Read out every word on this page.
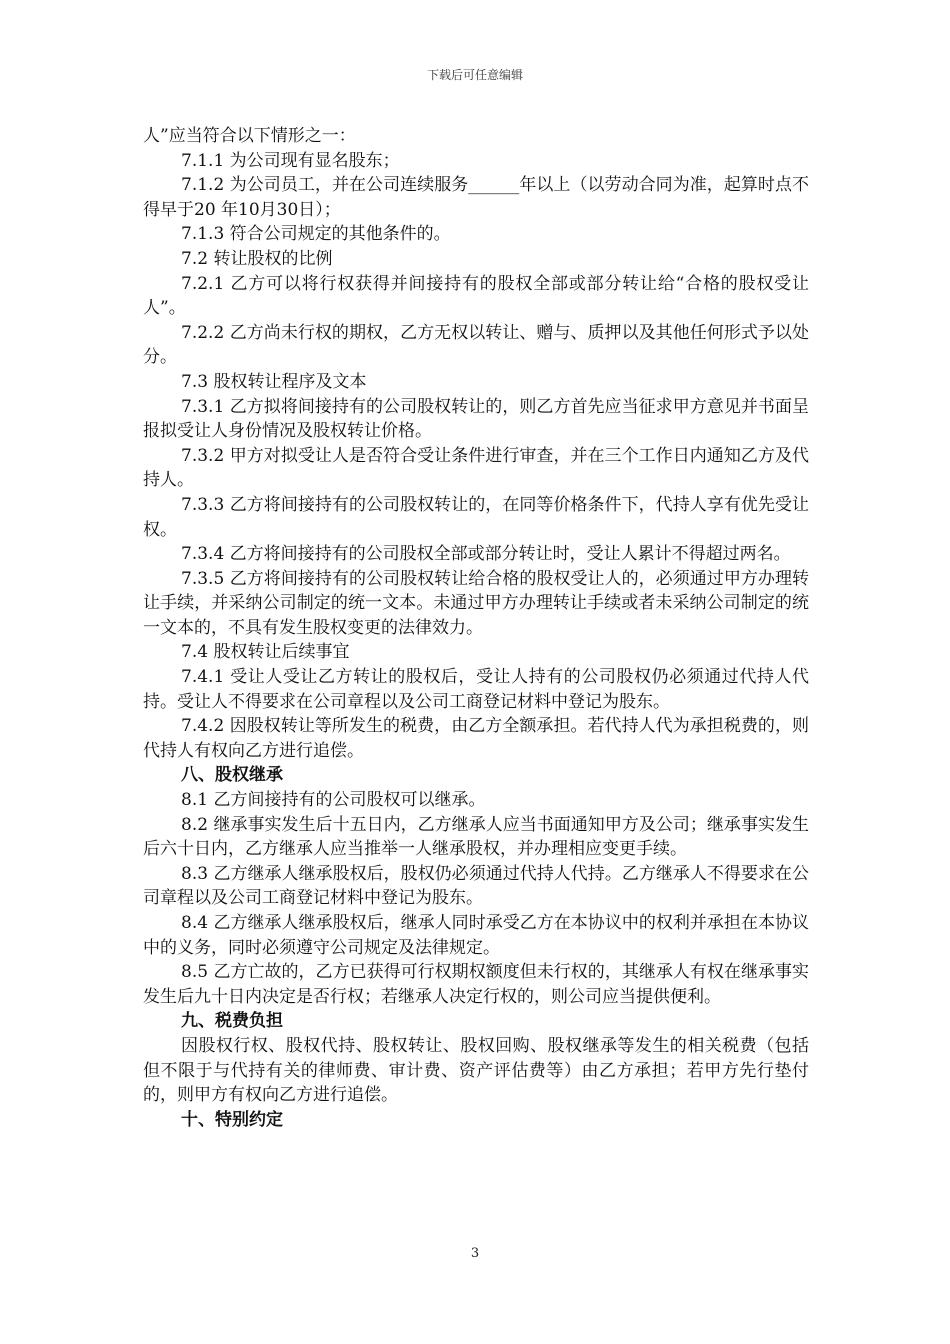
下载后可任意编辑

人”应当符合以下情形之一：

7.1.1 为公司现有显名股东；

7.1.2 为公司员工，并在公司连续服务______年以上（以劳动合同为准，起算时点不得早于20 年10月30日）；

7.1.3 符合公司规定的其他条件的。

7.2 转让股权的比例

7.2.1 乙方可以将行权获得并间接持有的股权全部或部分转让给“合格的股权受让人”。

7.2.2 乙方尚未行权的期权，乙方无权以转让、赠与、质押以及其他任何形式予以处分。

7.3 股权转让程序及文本

7.3.1 乙方拟将间接持有的公司股权转让的，则乙方首先应当征求甲方意见并书面呈报拟受让人身份情况及股权转让价格。

7.3.2 甲方对拟受让人是否符合受让条件进行审查，并在三个工作日内通知乙方及代持人。

7.3.3 乙方将间接持有的公司股权转让的，在同等价格条件下，代持人享有优先受让权。

7.3.4 乙方将间接持有的公司股权全部或部分转让时，受让人累计不得超过两名。

7.3.5 乙方将间接持有的公司股权转让给合格的股权受让人的，必须通过甲方办理转让手续，并采纳公司制定的统一文本。未通过甲方办理转让手续或者未采纳公司制定的统一文本的，不具有发生股权变更的法律效力。

7.4 股权转让后续事宜

7.4.1 受让人受让乙方转让的股权后，受让人持有的公司股权仍必须通过代持人代持。受让人不得要求在公司章程以及公司工商登记材料中登记为股东。

7.4.2 因股权转让等所发生的税费，由乙方全额承担。若代持人代为承担税费的，则代持人有权向乙方进行追偿。

八、股权继承

8.1 乙方间接持有的公司股权可以继承。

8.2 继承事实发生后十五日内，乙方继承人应当书面通知甲方及公司；继承事实发生后六十日内，乙方继承人应当推举一人继承股权，并办理相应变更手续。

8.3 乙方继承人继承股权后，股权仍必须通过代持人代持。乙方继承人不得要求在公司章程以及公司工商登记材料中登记为股东。

8.4 乙方继承人继承股权后，继承人同时承受乙方在本协议中的权利并承担在本协议中的义务，同时必须遵守公司规定及法律规定。

8.5 乙方亡故的，乙方已获得可行权期权额度但未行权的，其继承人有权在继承事实发生后九十日内决定是否行权；若继承人决定行权的，则公司应当提供便利。

九、税费负担

因股权行权、股权代持、股权转让、股权回购、股权继承等发生的相关税费（包括但不限于与代持有关的律师费、审计费、资产评估费等）由乙方承担；若甲方先行垫付的，则甲方有权向乙方进行追偿。

十、特别约定

3
